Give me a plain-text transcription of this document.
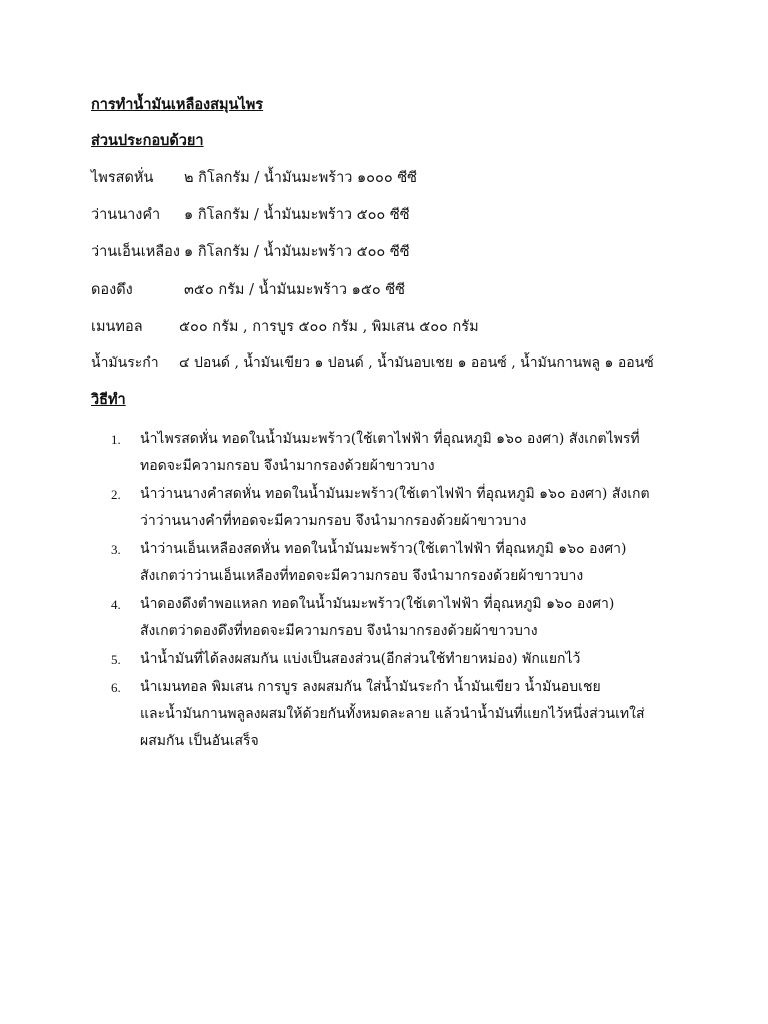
การทำน้ำมันเหลืองสมุนไพร
ส่วนประกอบด้วยา
ไพรสดหั่น ๒ กิโลกรัม / น้ำมันมะพร้าว ๑๐๐๐ ซีซี
ว่านนางคำ ๑ กิโลกรัม / น้ำมันมะพร้าว ๕๐๐ ซีซี
ว่านเอ็นเหลือง ๑ กิโลกรัม / น้ำมันมะพร้าว ๕๐๐ ซีซี
ดองดึง	๓๕๐ กรัม / น้ำมันมะพร้าว ๑๕๐ ซีซี
เมนทอล	๕๐๐ กรัม , การบูร ๕๐๐ กรัม , พิมเสน ๕๐๐ กรัม
น้ำมันระกำ ๔ ปอนด์ , น้ำมันเขียว ๑ ปอนด์ , น้ำมันอบเชย ๑ ออนซ์ , น้ำมันกานพลู ๑ ออนซ์
วิธีทำ
1. นำไพรสดหั่น ทอดในน้ำมันมะพร้าว(ใช้เตาไฟฟ้า ที่อุณหภูมิ ๑๖๐ องศา) สังเกตไพรที่
ทอดจะมีความกรอบ จึงนำมากรองด้วยผ้าขาวบาง
2. นำว่านนางคำสดหั่น ทอดในน้ำมันมะพร้าว(ใช้เตาไฟฟ้า ที่อุณหภูมิ ๑๖๐ องศา) สังเกต
ว่าว่านนางคำที่ทอดจะมีความกรอบ จึงนำมากรองด้วยผ้าขาวบาง
3. นำว่านเอ็นเหลืองสดหั่น ทอดในน้ำมันมะพร้าว(ใช้เตาไฟฟ้า ที่อุณหภูมิ ๑๖๐ องศา)
สังเกตว่าว่านเอ็นเหลืองที่ทอดจะมีความกรอบ จึงนำมากรองด้วยผ้าขาวบาง
4. นำดองดึงตำพอแหลก ทอดในน้ำมันมะพร้าว(ใช้เตาไฟฟ้า ที่อุณหภูมิ ๑๖๐ องศา)
สังเกตว่าดองดึงที่ทอดจะมีความกรอบ จึงนำมากรองด้วยผ้าขาวบาง
5. นำน้ำมันที่ได้ลงผสมกัน แบ่งเป็นสองส่วน(อีกส่วนใช้ทำยาหม่อง) พักแยกไว้
6. นำเมนทอล พิมเสน การบูร ลงผสมกัน ใส่น้ำมันระกำ น้ำมันเขียว น้ำมันอบเชย
และน้ำมันกานพลูลงผสมให้ด้วยกันทั้งหมดละลาย แล้วนำน้ำมันที่แยกไว้หนึ่งส่วนเทใส่
ผสมกัน เป็นอันเสร็จ
